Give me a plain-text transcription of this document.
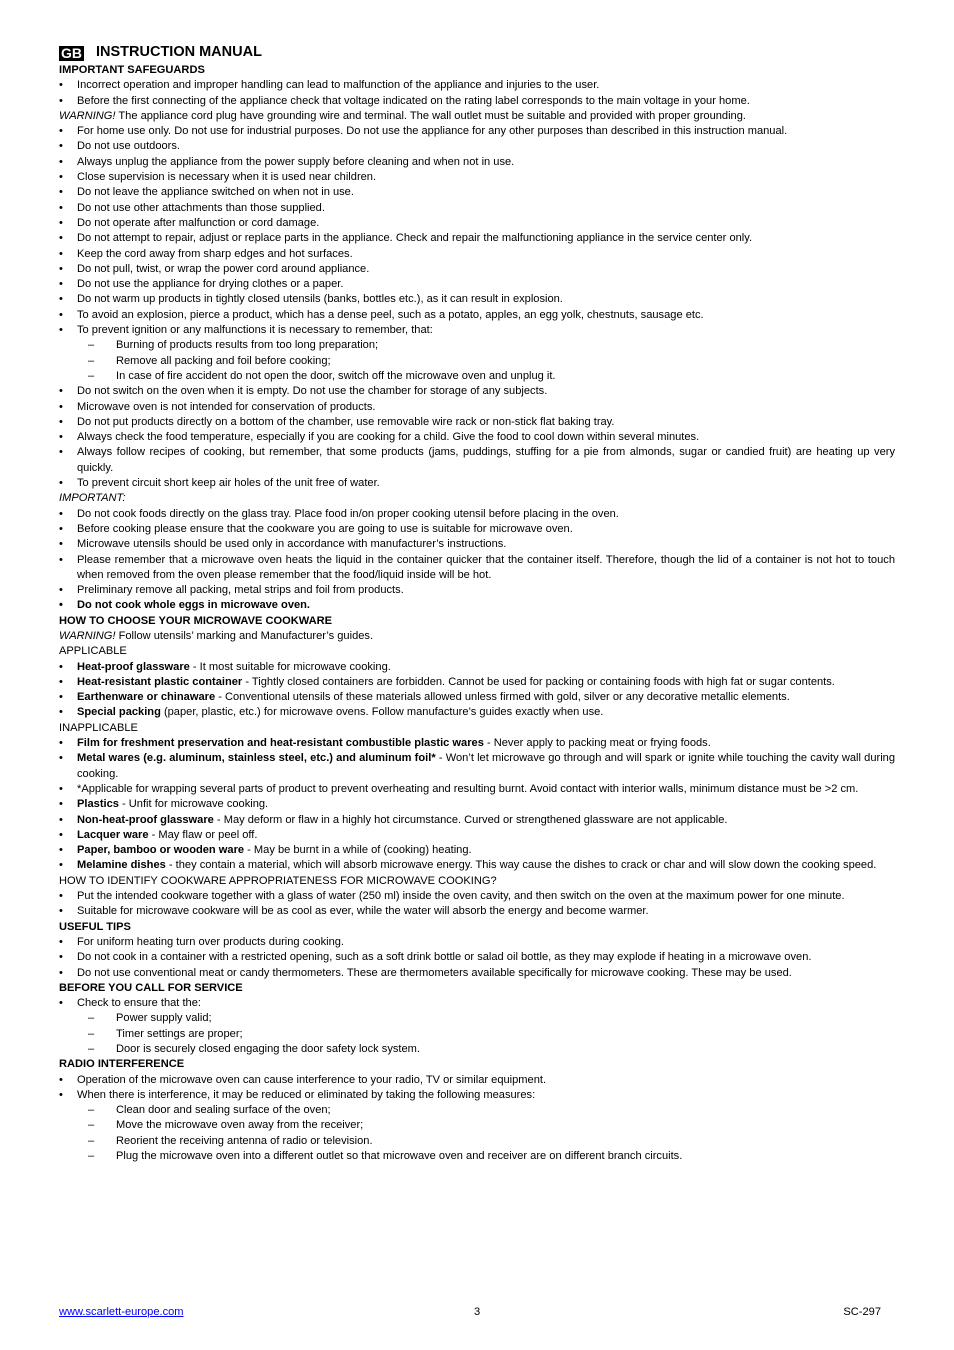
GB INSTRUCTION MANUAL
IMPORTANT SAFEGUARDS
• Incorrect operation and improper handling can lead to malfunction of the appliance and injuries to the user.
• Before the first connecting of the appliance check that voltage indicated on the rating label corresponds to the main voltage in your home.
WARNING! The appliance cord plug have grounding wire and terminal. The wall outlet must be suitable and provided with proper grounding.
• For home use only. Do not use for industrial purposes. Do not use the appliance for any other purposes than described in this instruction manual.
• Do not use outdoors.
• Always unplug the appliance from the power supply before cleaning and when not in use.
• Close supervision is necessary when it is used near children.
• Do not leave the appliance switched on when not in use.
• Do not use other attachments than those supplied.
• Do not operate after malfunction or cord damage.
• Do not attempt to repair, adjust or replace parts in the appliance. Check and repair the malfunctioning appliance in the service center only.
• Keep the cord away from sharp edges and hot surfaces.
• Do not pull, twist, or wrap the power cord around appliance.
• Do not use the appliance for drying clothes or a paper.
• Do not warm up products in tightly closed utensils (banks, bottles etc.), as it can result in explosion.
• To avoid an explosion, pierce a product, which has a dense peel, such as a potato, apples, an egg yolk, chestnuts, sausage etc.
• To prevent ignition or any malfunctions it is necessary to remember, that:
– Burning of products results from too long preparation;
– Remove all packing and foil before cooking;
– In case of fire accident do not open the door, switch off the microwave oven and unplug it.
• Do not switch on the oven when it is empty. Do not use the chamber for storage of any subjects.
• Microwave oven is not intended for conservation of products.
• Do not put products directly on a bottom of the chamber, use removable wire rack or non-stick flat baking tray.
• Always check the food temperature, especially if you are cooking for a child. Give the food to cool down within several minutes.
• Always follow recipes of cooking, but remember, that some products (jams, puddings, stuffing for a pie from almonds, sugar or candied fruit) are heating up very quickly.
• To prevent circuit short keep air holes of the unit free of water.
IMPORTANT:
• Do not cook foods directly on the glass tray. Place food in/on proper cooking utensil before placing in the oven.
• Before cooking please ensure that the cookware you are going to use is suitable for microwave oven.
• Microwave utensils should be used only in accordance with manufacturer’s instructions.
• Please remember that a microwave oven heats the liquid in the container quicker that the container itself. Therefore, though the lid of a container is not hot to touch when removed from the oven please remember that the food/liquid inside will be hot.
• Preliminary remove all packing, metal strips and foil from products.
• Do not cook whole eggs in microwave oven.
HOW TO CHOOSE YOUR MICROWAVE COOKWARE
WARNING! Follow utensils’ marking and Manufacturer’s guides.
APPLICABLE
• Heat-proof glassware - It most suitable for microwave cooking.
• Heat-resistant plastic container - Tightly closed containers are forbidden. Cannot be used for packing or containing foods with high fat or sugar contents.
• Earthenware or chinaware - Conventional utensils of these materials allowed unless firmed with gold, silver or any decorative metallic elements.
• Special packing (paper, plastic, etc.) for microwave ovens. Follow manufacture’s guides exactly when use.
INAPPLICABLE
• Film for freshment preservation and heat-resistant combustible plastic wares - Never apply to packing meat or frying foods.
• Metal wares (e.g. aluminum, stainless steel, etc.) and aluminum foil* - Won’t let microwave go through and will spark or ignite while touching the cavity wall during cooking.
• *Applicable for wrapping several parts of product to prevent overheating and resulting burnt. Avoid contact with interior walls, minimum distance must be >2 cm.
• Plastics - Unfit for microwave cooking.
• Non-heat-proof glassware - May deform or flaw in a highly hot circumstance. Curved or strengthened glassware are not applicable.
• Lacquer ware - May flaw or peel off.
• Paper, bamboo or wooden ware - May be burnt in a while of (cooking) heating.
• Melamine dishes - they contain a material, which will absorb microwave energy. This way cause the dishes to crack or char and will slow down the cooking speed.
HOW TO IDENTIFY COOKWARE APPROPRIATENESS FOR MICROWAVE COOKING?
• Put the intended cookware together with a glass of water (250 ml) inside the oven cavity, and then switch on the oven at the maximum power for one minute.
• Suitable for microwave cookware will be as cool as ever, while the water will absorb the energy and become warmer.
USEFUL TIPS
• For uniform heating turn over products during cooking.
• Do not cook in a container with a restricted opening, such as a soft drink bottle or salad oil bottle, as they may explode if heating in a microwave oven.
• Do not use conventional meat or candy thermometers. These are thermometers available specifically for microwave cooking. These may be used.
BEFORE YOU CALL FOR SERVICE
• Check to ensure that the:
– Power supply valid;
– Timer settings are proper;
– Door is securely closed engaging the door safety lock system.
RADIO INTERFERENCE
• Operation of the microwave oven can cause interference to your radio, TV or similar equipment.
• When there is interference, it may be reduced or eliminated by taking the following measures:
– Clean door and sealing surface of the oven;
– Move the microwave oven away from the receiver;
– Reorient the receiving antenna of radio or television.
– Plug the microwave oven into a different outlet so that microwave oven and receiver are on different branch circuits.
www.scarlett-europe.com	3	SC-297
